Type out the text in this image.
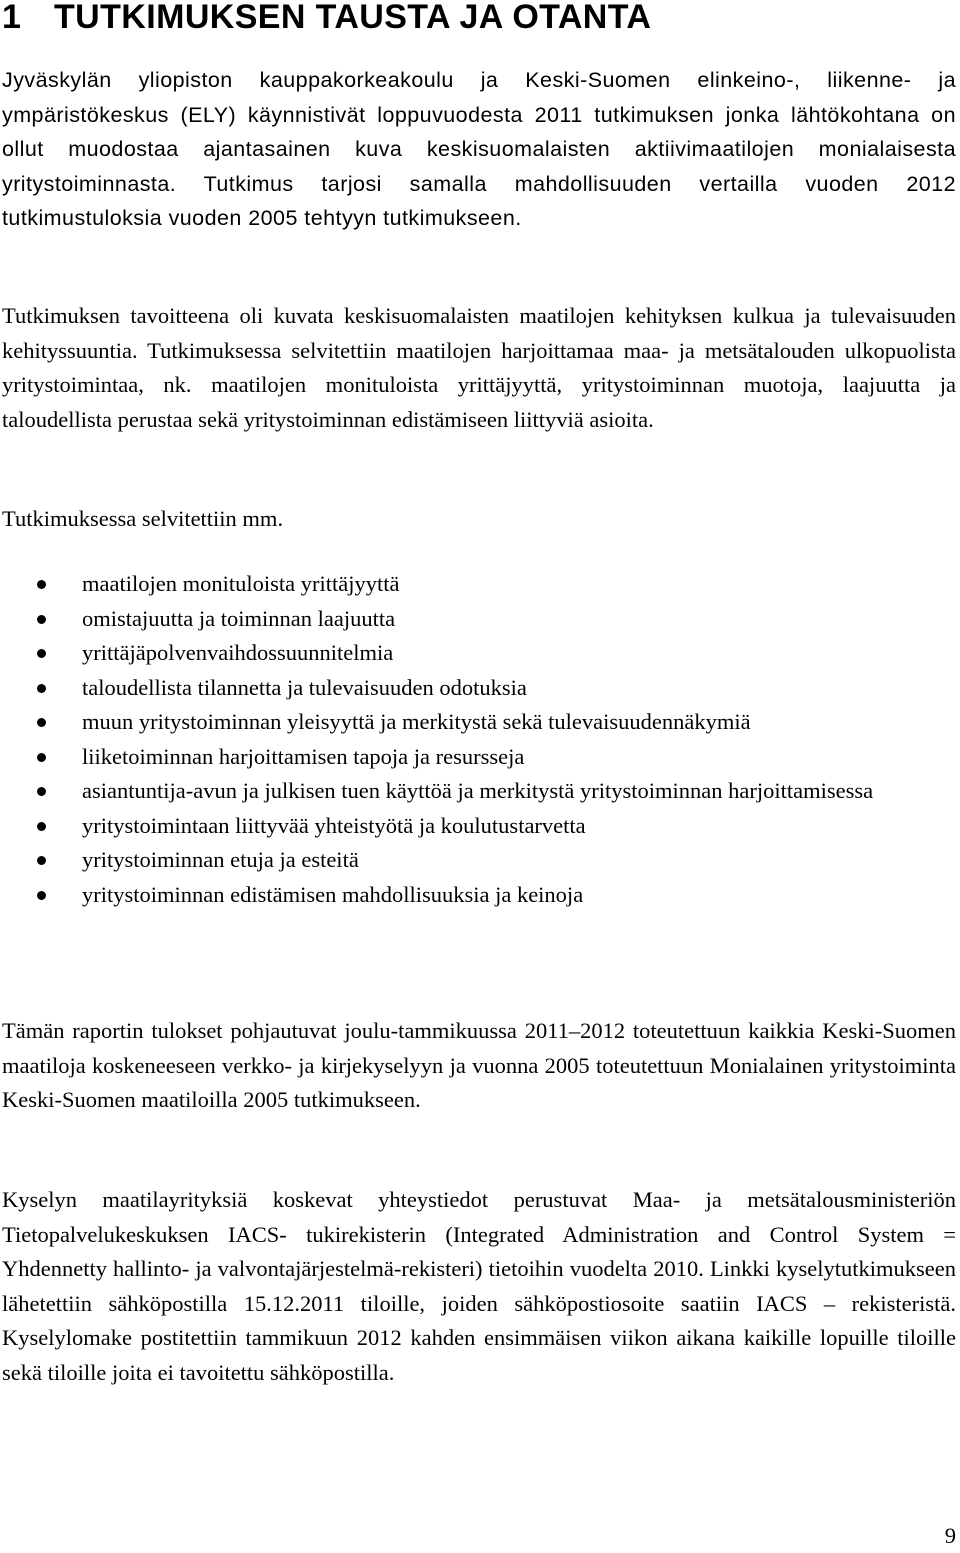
1 TUTKIMUKSEN TAUSTA JA OTANTA

Jyväskylän yliopiston kauppakorkeakoulu ja Keski-Suomen elinkeino-, liikenne- ja ympäristökeskus (ELY) käynnistivät loppuvuodesta 2011 tutkimuksen jonka lähtökohtana on ollut muodostaa ajantasainen kuva keskisuomalaisten aktiivimaatilojen monialaisesta yritystoiminnasta. Tutkimus tarjosi samalla mahdollisuuden vertailla vuoden 2012 tutkimustuloksia vuoden 2005 tehtyyn tutkimukseen.

Tutkimuksen tavoitteena oli kuvata keskisuomalaisten maatilojen kehityksen kulkua ja tulevaisuuden kehityssuuntia. Tutkimuksessa selvitettiin maatilojen harjoittamaa maa- ja metsätalouden ulkopuolista yritystoimintaa, nk. maatilojen monituloista yrittäjyyttä, yritystoiminnan muotoja, laajuutta ja taloudellista perustaa sekä yritystoiminnan edistämiseen liittyviä asioita.

Tutkimuksessa selvitettiin mm.

maatilojen monituloista yrittäjyyttä
omistajuutta ja toiminnan laajuutta
yrittäjäpolvenvaihdossuunnitelmia
taloudellista tilannetta ja tulevaisuuden odotuksia
muun yritystoiminnan yleisyyttä ja merkitystä sekä tulevaisuudennäkymiä
liiketoiminnan harjoittamisen tapoja ja resursseja
asiantuntija-avun ja julkisen tuen käyttöä ja merkitystä yritystoiminnan harjoittamisessa
yritystoimintaan liittyvää yhteistyötä ja koulutustarvetta
yritystoiminnan etuja ja esteitä
yritystoiminnan edistämisen mahdollisuuksia ja keinoja

Tämän raportin tulokset pohjautuvat joulu-tammikuussa 2011–2012 toteutettuun kaikkia Keski-Suomen maatiloja koskeneeseen verkko- ja kirjekyselyyn ja vuonna 2005 toteutettuun Monialainen yritystoiminta Keski-Suomen maatiloilla 2005 tutkimukseen.

Kyselyn maatilayrityksiä koskevat yhteystiedot perustuvat Maa- ja metsätalousministeriön Tietopalvelukeskuksen IACS- tukirekisterin (Integrated Administration and Control System = Yhdennetty hallinto- ja valvontajärjestelmä-rekisteri) tietoihin vuodelta 2010. Linkki kyselytutkimukseen lähetettiin sähköpostilla 15.12.2011 tiloille, joiden sähköpostiosoite saatiin IACS – rekisteristä. Kyselylomake postitettiin tammikuun 2012 kahden ensimmäisen viikon aikana kaikille lopuille tiloille sekä tiloille joita ei tavoitettu sähköpostilla.

9
